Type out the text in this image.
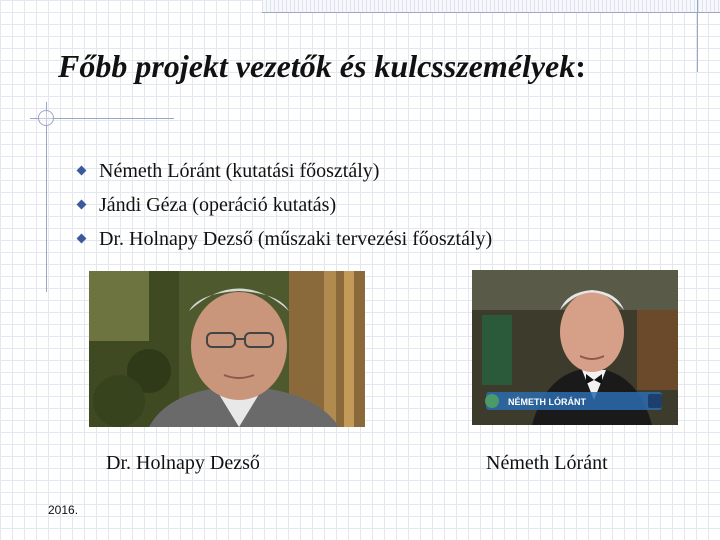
Főbb projekt vezetők és kulcsszemélyek:
Németh Lóránt (kutatási főosztály)
Jándi Géza (operáció kutatás)
Dr. Holnapy Dezső (műszaki tervezési főosztály)
NÉMETH LÓRÁNT
Dr. Holnapy Dezső	Németh Lóránt
2016.
